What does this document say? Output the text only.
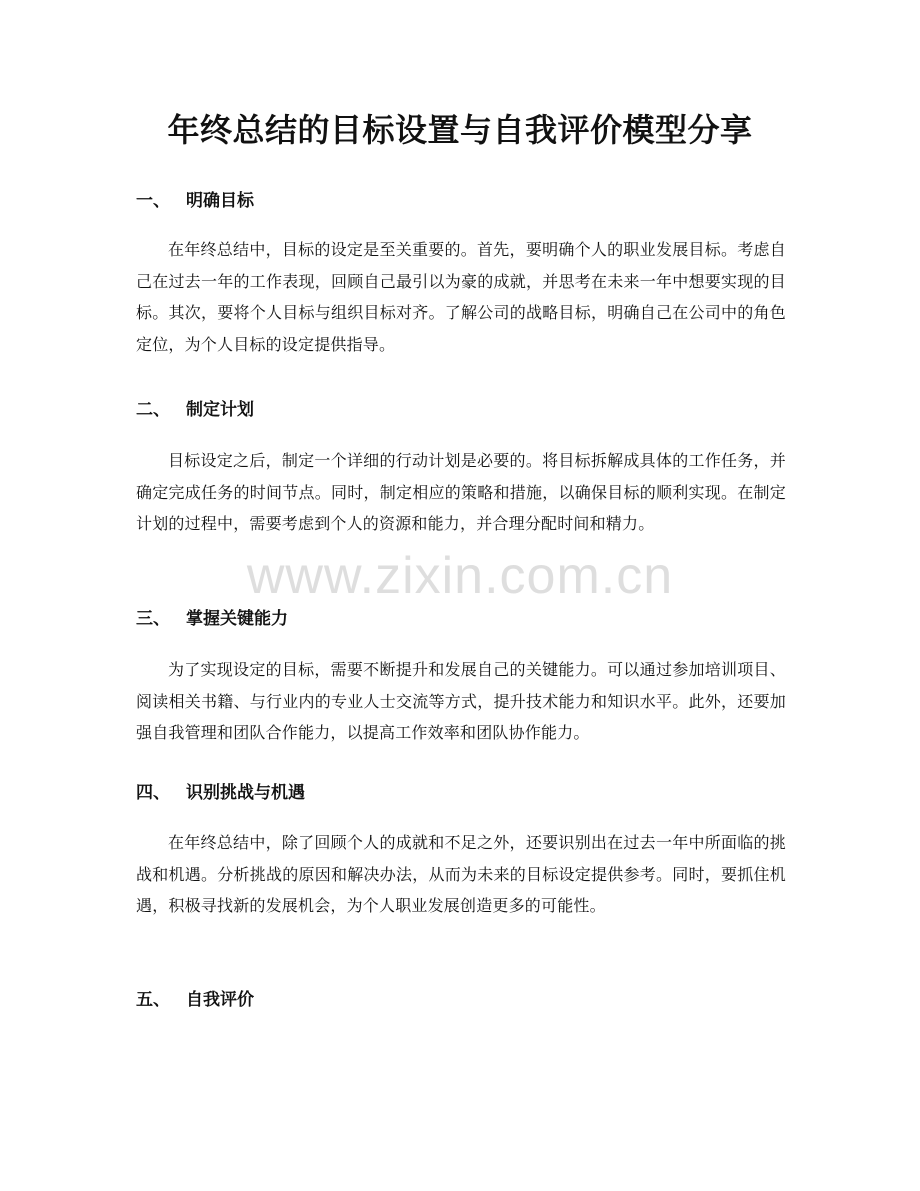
年终总结的目标设置与自我评价模型分享
www.zixin.com.cn
一、 明确目标

在年终总结中，目标的设定是至关重要的。首先，要明确个人的职业发展目标。考虑自己在过去一年的工作表现，回顾自己最引以为豪的成就，并思考在未来一年中想要实现的目标。其次，要将个人目标与组织目标对齐。了解公司的战略目标，明确自己在公司中的角色定位，为个人目标的设定提供指导。

二、 制定计划

目标设定之后，制定一个详细的行动计划是必要的。将目标拆解成具体的工作任务，并确定完成任务的时间节点。同时，制定相应的策略和措施，以确保目标的顺利实现。在制定计划的过程中，需要考虑到个人的资源和能力，并合理分配时间和精力。

三、 掌握关键能力

为了实现设定的目标，需要不断提升和发展自己的关键能力。可以通过参加培训项目、阅读相关书籍、与行业内的专业人士交流等方式，提升技术能力和知识水平。此外，还要加强自我管理和团队合作能力，以提高工作效率和团队协作能力。

四、 识别挑战与机遇

在年终总结中，除了回顾个人的成就和不足之外，还要识别出在过去一年中所面临的挑战和机遇。分析挑战的原因和解决办法，从而为未来的目标设定提供参考。同时，要抓住机遇，积极寻找新的发展机会，为个人职业发展创造更多的可能性。

五、 自我评价
